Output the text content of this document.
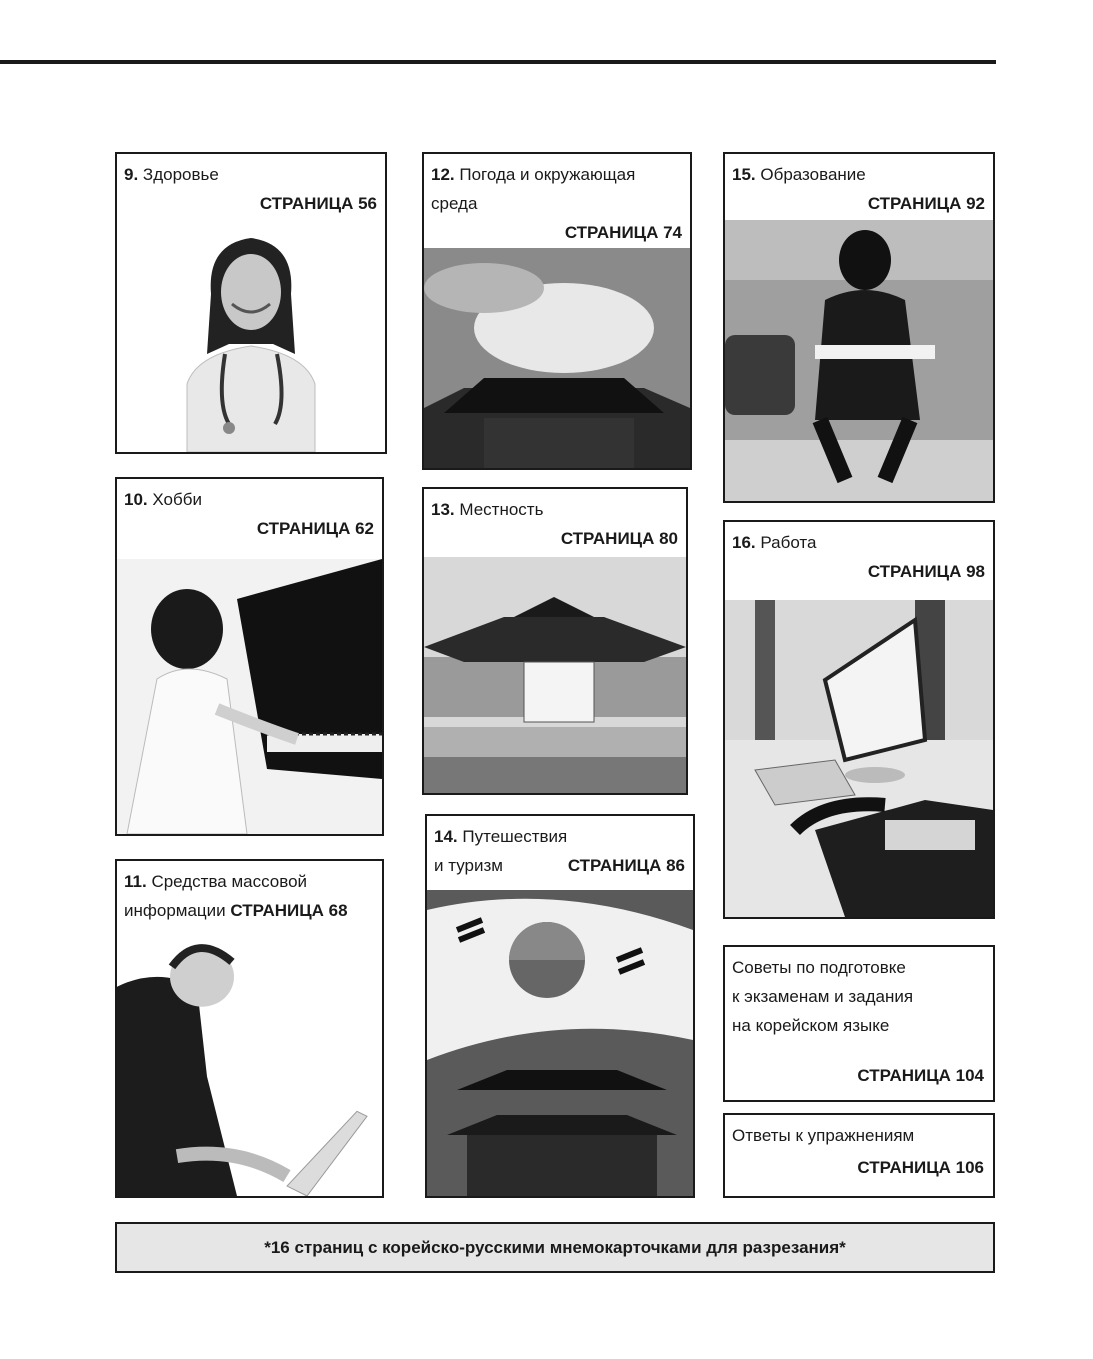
9. Здоровье
СТРАНИЦА 56
10. Хобби
СТРАНИЦА 62
11. Средства массовой
информации СТРАНИЦА 68
12. Погода и окружающая
среда
СТРАНИЦА 74
13. Местность
СТРАНИЦА 80
14. Путешествия
и туризм	СТРАНИЦА 86
15. Образование
СТРАНИЦА 92
16. Работа
СТРАНИЦА 98
Советы по подготовке
к экзаменам и задания
на корейском языке
СТРАНИЦА 104
Ответы к упражнениям
СТРАНИЦА 106
*16 страниц с корейско-русскими мнемокарточками для разрезания*
